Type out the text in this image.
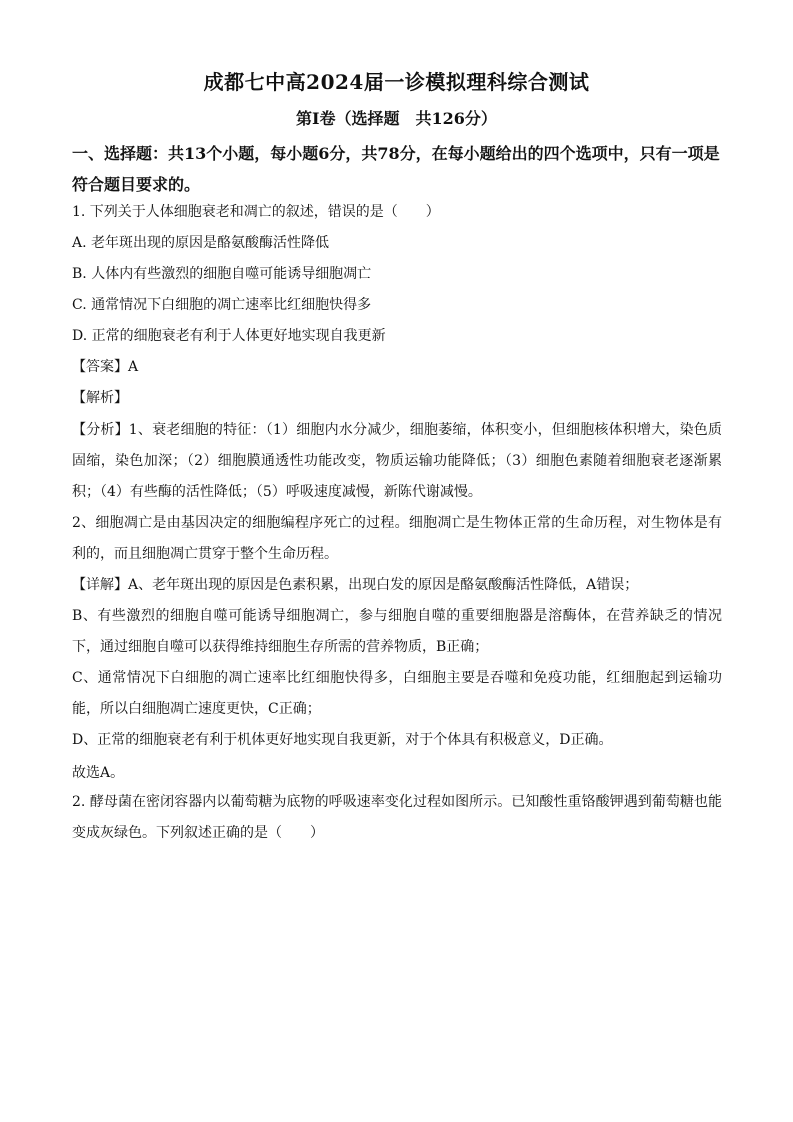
成都七中高2024届一诊模拟理科综合测试
第Ⅰ卷（选择题　共126分）
一、选择题：共13个小题，每小题6分，共78分，在每小题给出的四个选项中，只有一项是符合题目要求的。
1. 下列关于人体细胞衰老和凋亡的叙述，错误的是（　　）
A. 老年斑出现的原因是酪氨酸酶活性降低
B. 人体内有些激烈的细胞自噬可能诱导细胞凋亡
C. 通常情况下白细胞的凋亡速率比红细胞快得多
D. 正常的细胞衰老有利于人体更好地实现自我更新
【答案】A
【解析】
【分析】1、衰老细胞的特征：（1）细胞内水分减少，细胞萎缩，体积变小，但细胞核体积增大，染色质固缩，染色加深；（2）细胞膜通透性功能改变，物质运输功能降低；（3）细胞色素随着细胞衰老逐渐累积；（4）有些酶的活性降低；（5）呼吸速度减慢，新陈代谢减慢。
2、细胞凋亡是由基因决定的细胞编程序死亡的过程。细胞凋亡是生物体正常的生命历程，对生物体是有利的，而且细胞凋亡贯穿于整个生命历程。
【详解】A、老年斑出现的原因是色素积累，出现白发的原因是酪氨酸酶活性降低，A错误；
B、有些激烈的细胞自噬可能诱导细胞凋亡，参与细胞自噬的重要细胞器是溶酶体，在营养缺乏的情况下，通过细胞自噬可以获得维持细胞生存所需的营养物质，B正确；
C、通常情况下白细胞的凋亡速率比红细胞快得多，白细胞主要是吞噬和免疫功能，红细胞起到运输功能，所以白细胞凋亡速度更快，C正确；
D、正常的细胞衰老有利于机体更好地实现自我更新，对于个体具有积极意义，D正确。
故选A。
2. 酵母菌在密闭容器内以葡萄糖为底物的呼吸速率变化过程如图所示。已知酸性重铬酸钾遇到葡萄糖也能变成灰绿色。下列叙述正确的是（　　）
